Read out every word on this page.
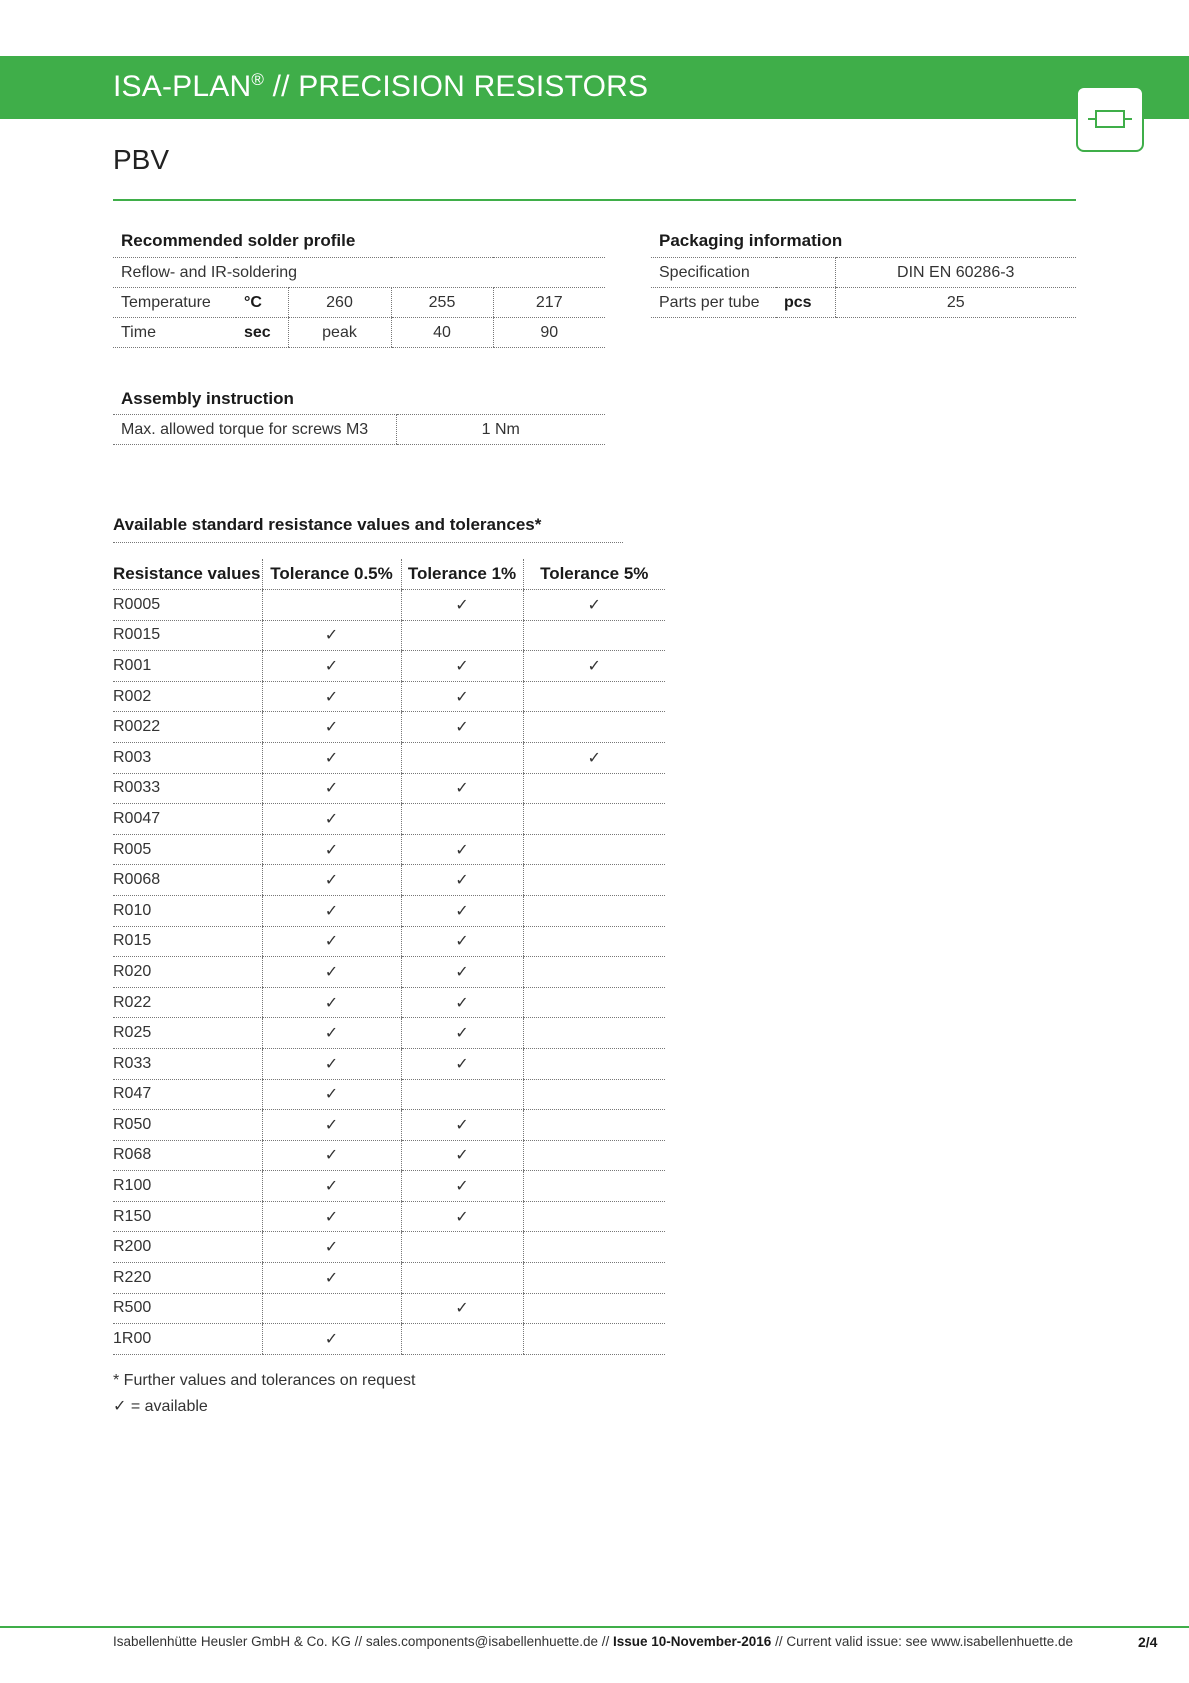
ISA-PLAN® // PRECISION RESISTORS
PBV
Recommended solder profile
Reflow- and IR-soldering				
Temperature	°C	260	255	217
Time	sec	peak	40	90
Packaging information
Specification		DIN EN 60286-3
Parts per tube	pcs	25
Assembly instruction
Max. allowed torque for screws M3	1 Nm
Available standard resistance values and tolerances*
Resistance values	Tolerance 0.5%	Tolerance 1%	Tolerance 5%
R0005		✓	✓
R0015	✓		
R001	✓	✓	✓
R002	✓	✓	
R0022	✓	✓	
R003	✓		✓
R0033	✓	✓	
R0047	✓		
R005	✓	✓	
R0068	✓	✓	
R010	✓	✓	
R015	✓	✓	
R020	✓	✓	
R022	✓	✓	
R025	✓	✓	
R033	✓	✓	
R047	✓		
R050	✓	✓	
R068	✓	✓	
R100	✓	✓	
R150	✓	✓	
R200	✓		
R220	✓		
R500		✓	
1R00	✓		
* Further values and tolerances on request
✓ = available
Isabellenhütte Heusler GmbH & Co. KG // sales.components@isabellenhuette.de // Issue 10-November-2016 // Current valid issue: see www.isabellenhuette.de	2/4
